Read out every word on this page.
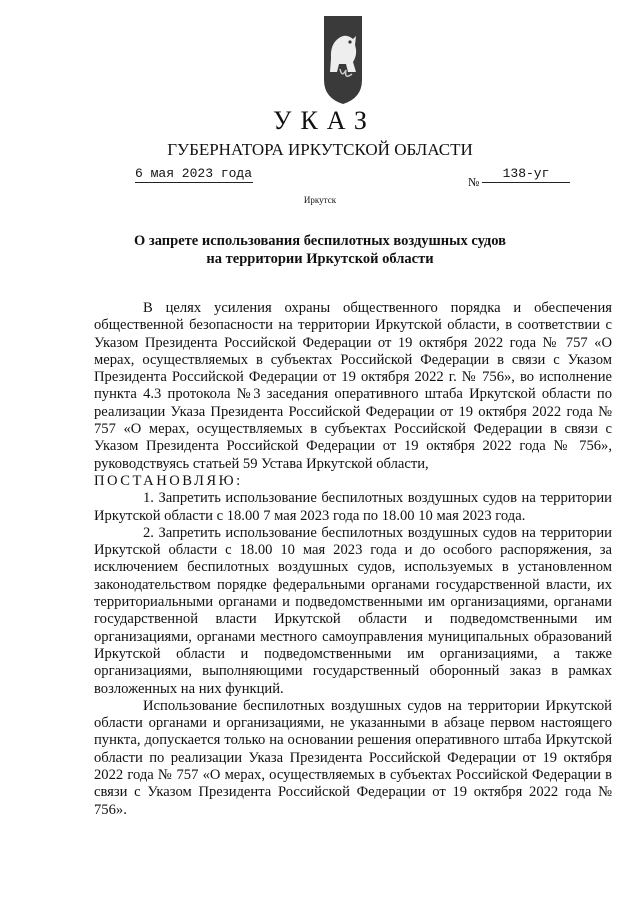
УКАЗ
ГУБЕРНАТОРА ИРКУТСКОЙ ОБЛАСТИ
6 мая 2023 года
№
138-уг
Иркутск
О запрете использования беспилотных воздушных судов
на территории Иркутской области

В целях усиления охраны общественного порядка и обеспечения общественной безопасности на территории Иркутской области, в соответствии с Указом Президента Российской Федерации от 19 октября 2022 года № 757 «О мерах, осуществляемых в субъектах Российской Федерации в связи с Указом Президента Российской Федерации от 19 октября 2022 г. № 756», во исполнение пункта 4.3 протокола №3 заседания оперативного штаба Иркутской области по реализации Указа Президента Российской Федерации от 19 октября 2022 года № 757 «О мерах, осуществляемых в субъектах Российской Федерации в связи с Указом Президента Российской Федерации от 19 октября 2022 года № 756», руководствуясь статьей 59 Устава Иркутской области,

ПОСТАНОВЛЯЮ:

1. Запретить использование беспилотных воздушных судов на территории Иркутской области с 18.00 7 мая 2023 года по 18.00 10 мая 2023 года.

2. Запретить использование беспилотных воздушных судов на территории Иркутской области с 18.00 10 мая 2023 года и до особого распоряжения, за исключением беспилотных воздушных судов, используемых в установленном законодательством порядке федеральными органами государственной власти, их территориальными органами и подведомственными им организациями, органами государственной власти Иркутской области и подведомственными им организациями, органами местного самоуправления муниципальных образований Иркутской области и подведомственными им организациями, а также организациями, выполняющими государственный оборонный заказ в рамках возложенных на них функций.

Использование беспилотных воздушных судов на территории Иркутской области органами и организациями, не указанными в абзаце первом настоящего пункта, допускается только на основании решения оперативного штаба Иркутской области по реализации Указа Президента Российской Федерации от 19 октября 2022 года № 757 «О мерах, осуществляемых в субъектах Российской Федерации в связи с Указом Президента Российской Федерации от 19 октября 2022 года № 756».
